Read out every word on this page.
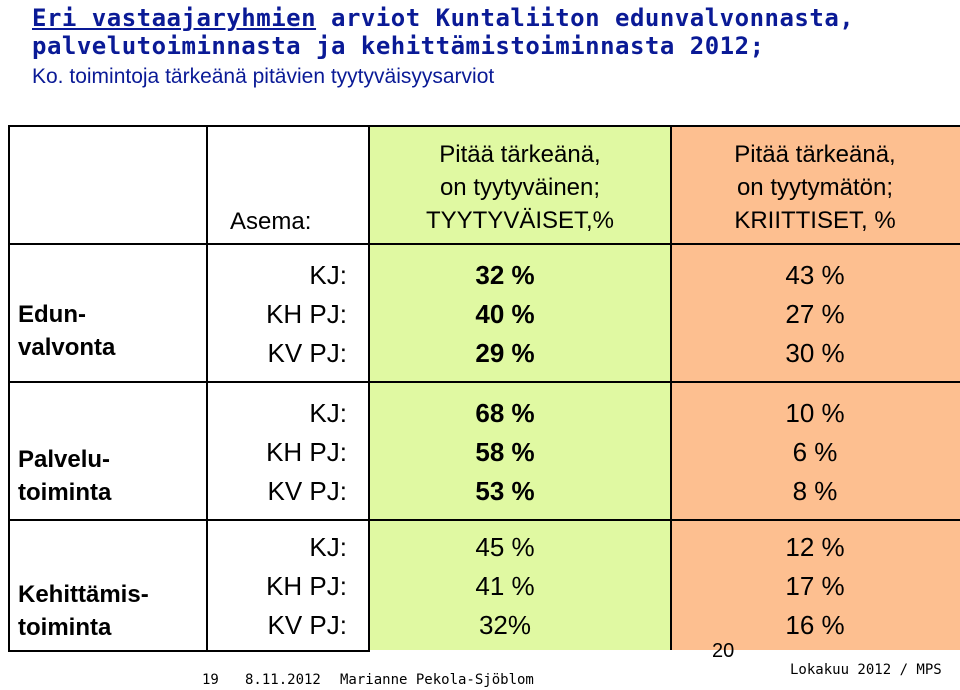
Eri vastaajaryhmien arviot Kuntaliiton edunvalvonnasta,
palvelutoiminnasta ja kehittämistoiminnasta 2012;
Ko. toimintoja tärkeänä pitävien tyytyväisyysarviot
Asema:
Pitää tärkeänä,
on tyytyväinen;
TYYTYVÄISET,%
Pitää tärkeänä,
on tyytymätön;
KRIITTISET, %
Edun-
valvonta
KJ:
KH PJ:
KV PJ:
32 %
40 %
29 %
43 %
27 %
30 %
Palvelu-
toiminta
KJ:
KH PJ:
KV PJ:
68 %
58 %
53 %
10 %
6 %
8 %
Kehittämis-
toiminta
KJ:
KH PJ:
KV PJ:
45 %
41 %
32%
12 %
17 %
16 %
19 8.11.2012 Marianne Pekola-Sjöblom
20
Lokakuu 2012 / MPS
